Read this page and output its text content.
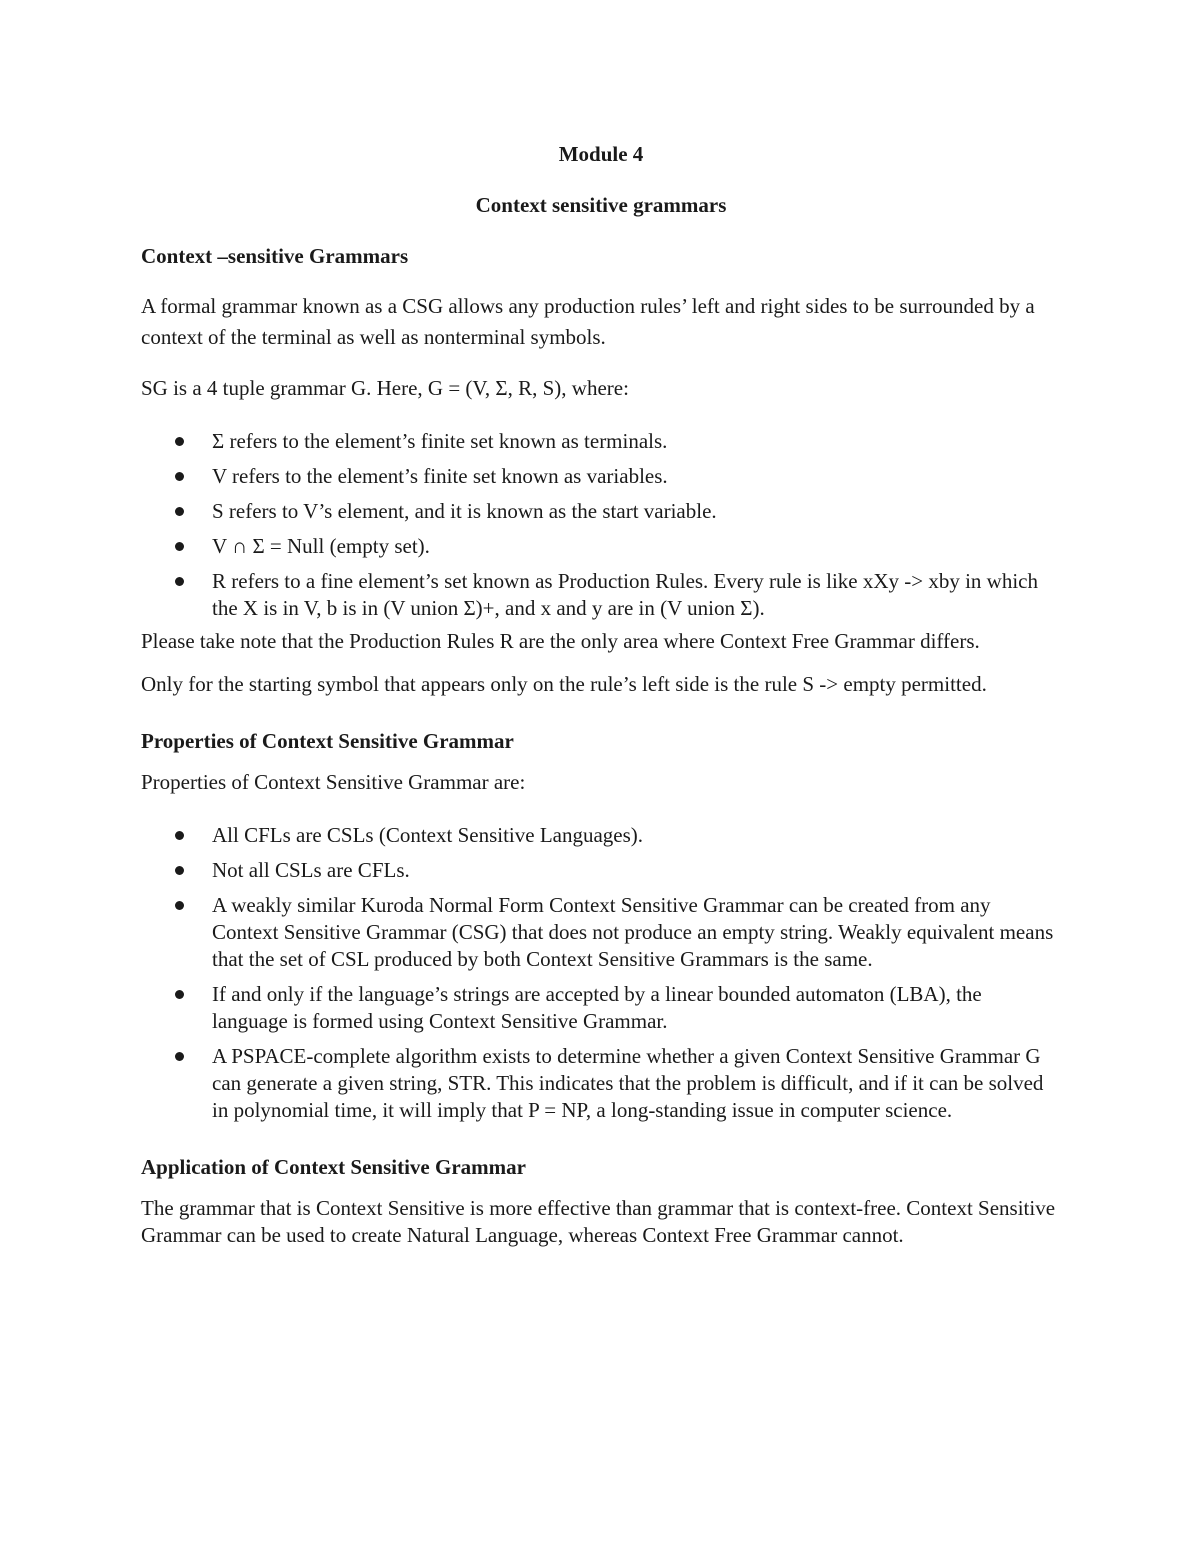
Module 4

Context sensitive grammars

Context –sensitive Grammars

A formal grammar known as a CSG allows any production rules’ left and right sides to be surrounded by a context of the terminal as well as nonterminal symbols.

SG is a 4 tuple grammar G. Here, G = (V, Σ, R, S), where:

Σ refers to the element’s finite set known as terminals.
V refers to the element’s finite set known as variables.
S refers to V’s element, and it is known as the start variable.
V ∩ Σ = Null (empty set).
R refers to a fine element’s set known as Production Rules. Every rule is like xXy -> xby in which the X is in V, b is in (V union Σ)+, and x and y are in (V union Σ).

Please take note that the Production Rules R are the only area where Context Free Grammar differs.

Only for the starting symbol that appears only on the rule’s left side is the rule S -> empty permitted.

Properties of Context Sensitive Grammar

Properties of Context Sensitive Grammar are:

All CFLs are CSLs (Context Sensitive Languages).
Not all CSLs are CFLs.
A weakly similar Kuroda Normal Form Context Sensitive Grammar can be created from any Context Sensitive Grammar (CSG) that does not produce an empty string. Weakly equivalent means that the set of CSL produced by both Context Sensitive Grammars is the same.
If and only if the language’s strings are accepted by a linear bounded automaton (LBA), the language is formed using Context Sensitive Grammar.
A PSPACE-complete algorithm exists to determine whether a given Context Sensitive Grammar G can generate a given string, STR. This indicates that the problem is difficult, and if it can be solved in polynomial time, it will imply that P = NP, a long-standing issue in computer science.
Application of Context Sensitive Grammar

The grammar that is Context Sensitive is more effective than grammar that is context-free. Context Sensitive Grammar can be used to create Natural Language, whereas Context Free Grammar cannot.
